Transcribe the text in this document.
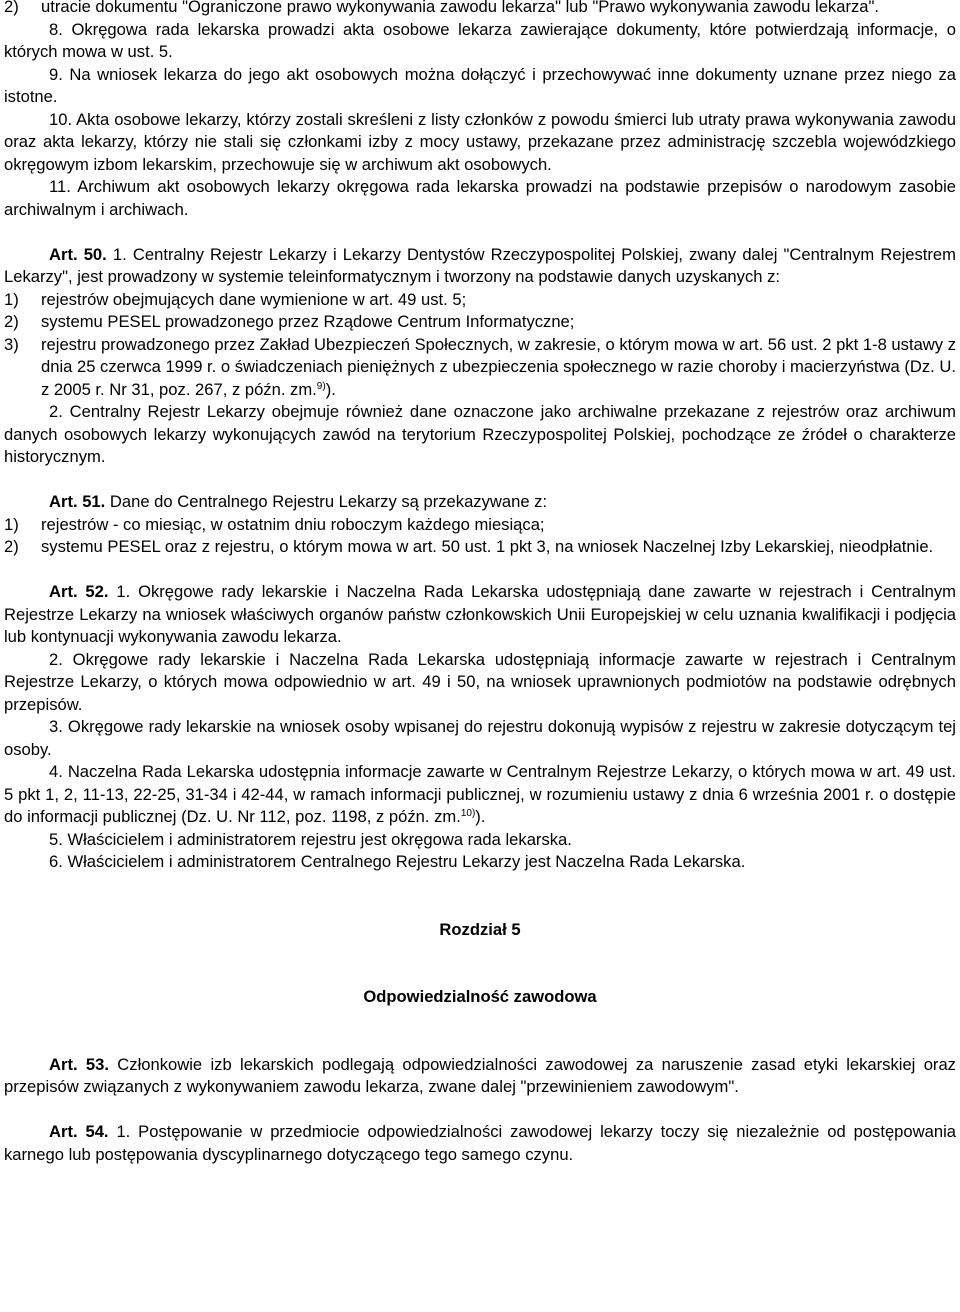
2)	utracie dokumentu "Ograniczone prawo wykonywania zawodu lekarza" lub "Prawo wykonywania zawodu lekarza".

8. Okręgowa rada lekarska prowadzi akta osobowe lekarza zawierające dokumenty, które potwierdzają informacje, o których mowa w ust. 5.

9. Na wniosek lekarza do jego akt osobowych można dołączyć i przechowywać inne dokumenty uznane przez niego za istotne.

10. Akta osobowe lekarzy, którzy zostali skreśleni z listy członków z powodu śmierci lub utraty prawa wykonywania zawodu oraz akta lekarzy, którzy nie stali się członkami izby z mocy ustawy, przekazane przez administrację szczebla wojewódzkiego okręgowym izbom lekarskim, przechowuje się w archiwum akt osobowych.

11. Archiwum akt osobowych lekarzy okręgowa rada lekarska prowadzi na podstawie przepisów o narodowym zasobie archiwalnym i archiwach.

Art. 50. 1. Centralny Rejestr Lekarzy i Lekarzy Dentystów Rzeczypospolitej Polskiej, zwany dalej "Centralnym Rejestrem Lekarzy", jest prowadzony w systemie teleinformatycznym i tworzony na podstawie danych uzyskanych z:

1)	rejestrów obejmujących dane wymienione w art. 49 ust. 5;
2)	systemu PESEL prowadzonego przez Rządowe Centrum Informatyczne;
3)	rejestru prowadzonego przez Zakład Ubezpieczeń Społecznych, w zakresie, o którym mowa w art. 56 ust. 2 pkt 1-8 ustawy z dnia 25 czerwca 1999 r. o świadczeniach pieniężnych z ubezpieczenia społecznego w razie choroby i macierzyństwa (Dz. U. z 2005 r. Nr 31, poz. 267, z późn. zm.$^{9)}$).

2. Centralny Rejestr Lekarzy obejmuje również dane oznaczone jako archiwalne przekazane z rejestrów oraz archiwum danych osobowych lekarzy wykonujących zawód na terytorium Rzeczypospolitej Polskiej, pochodzące ze źródeł o charakterze historycznym.

Art. 51. Dane do Centralnego Rejestru Lekarzy są przekazywane z:

1)	rejestrów - co miesiąc, w ostatnim dniu roboczym każdego miesiąca;
2)	systemu PESEL oraz z rejestru, o którym mowa w art. 50 ust. 1 pkt 3, na wniosek Naczelnej Izby Lekarskiej, nieodpłatnie.

Art. 52. 1. Okręgowe rady lekarskie i Naczelna Rada Lekarska udostępniają dane zawarte w rejestrach i Centralnym Rejestrze Lekarzy na wniosek właściwych organów państw członkowskich Unii Europejskiej w celu uznania kwalifikacji i podjęcia lub kontynuacji wykonywania zawodu lekarza.

2. Okręgowe rady lekarskie i Naczelna Rada Lekarska udostępniają informacje zawarte w rejestrach i Centralnym Rejestrze Lekarzy, o których mowa odpowiednio w art. 49 i 50, na wniosek uprawnionych podmiotów na podstawie odrębnych przepisów.

3. Okręgowe rady lekarskie na wniosek osoby wpisanej do rejestru dokonują wypisów z rejestru w zakresie dotyczącym tej osoby.

4. Naczelna Rada Lekarska udostępnia informacje zawarte w Centralnym Rejestrze Lekarzy, o których mowa w art. 49 ust. 5 pkt 1, 2, 11-13, 22-25, 31-34 i 42-44, w ramach informacji publicznej, w rozumieniu ustawy z dnia 6 września 2001 r. o dostępie do informacji publicznej (Dz. U. Nr 112, poz. 1198, z późn. zm.$^{10)}$).

5. Właścicielem i administratorem rejestru jest okręgowa rada lekarska.

6. Właścicielem i administratorem Centralnego Rejestru Lekarzy jest Naczelna Rada Lekarska.

Rozdział 5

Odpowiedzialność zawodowa

Art. 53. Członkowie izb lekarskich podlegają odpowiedzialności zawodowej za naruszenie zasad etyki lekarskiej oraz przepisów związanych z wykonywaniem zawodu lekarza, zwane dalej "przewinieniem zawodowym".

Art. 54. 1. Postępowanie w przedmiocie odpowiedzialności zawodowej lekarzy toczy się niezależnie od postępowania karnego lub postępowania dyscyplinarnego dotyczącego tego samego czynu.
